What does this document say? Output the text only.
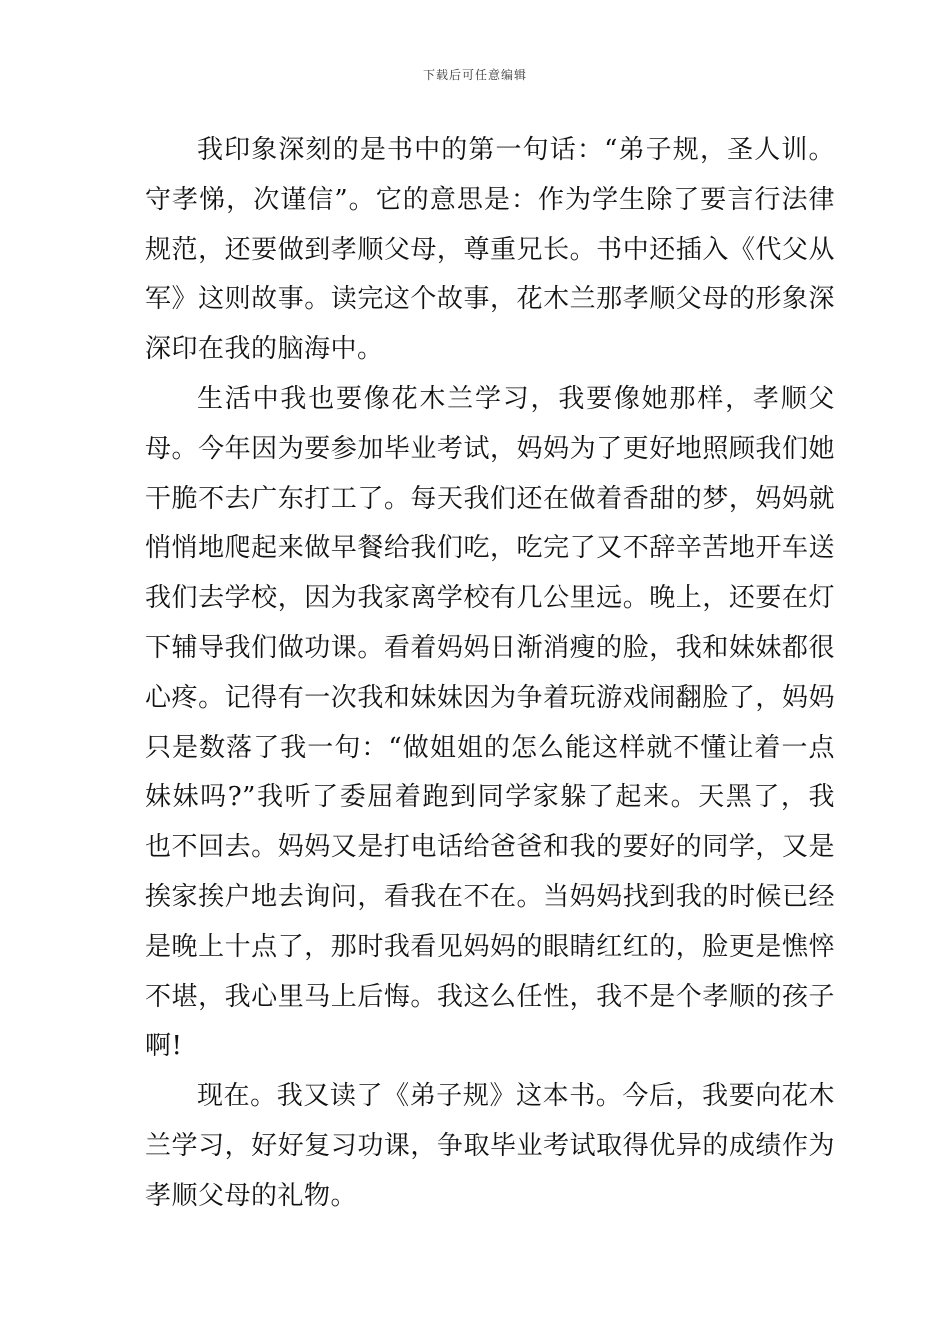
下载后可任意编辑

我印象深刻的是书中的第一句话：“弟子规，圣人训。守孝悌，次谨信”。它的意思是：作为学生除了要言行法律规范，还要做到孝顺父母，尊重兄长。书中还插入《代父从军》这则故事。读完这个故事，花木兰那孝顺父母的形象深深印在我的脑海中。

生活中我也要像花木兰学习，我要像她那样，孝顺父母。今年因为要参加毕业考试，妈妈为了更好地照顾我们她干脆不去广东打工了。每天我们还在做着香甜的梦，妈妈就悄悄地爬起来做早餐给我们吃，吃完了又不辞辛苦地开车送我们去学校，因为我家离学校有几公里远。晚上，还要在灯下辅导我们做功课。看着妈妈日渐消瘦的脸，我和妹妹都很心疼。记得有一次我和妹妹因为争着玩游戏闹翻脸了，妈妈只是数落了我一句：“做姐姐的怎么能这样就不懂让着一点妹妹吗?”我听了委屈着跑到同学家躲了起来。天黑了，我也不回去。妈妈又是打电话给爸爸和我的要好的同学，又是挨家挨户地去询问，看我在不在。当妈妈找到我的时候已经是晚上十点了，那时我看见妈妈的眼睛红红的，脸更是憔悴不堪，我心里马上后悔。我这么任性，我不是个孝顺的孩子啊!

现在。我又读了《弟子规》这本书。今后，我要向花木兰学习，好好复习功课，争取毕业考试取得优异的成绩作为孝顺父母的礼物。
